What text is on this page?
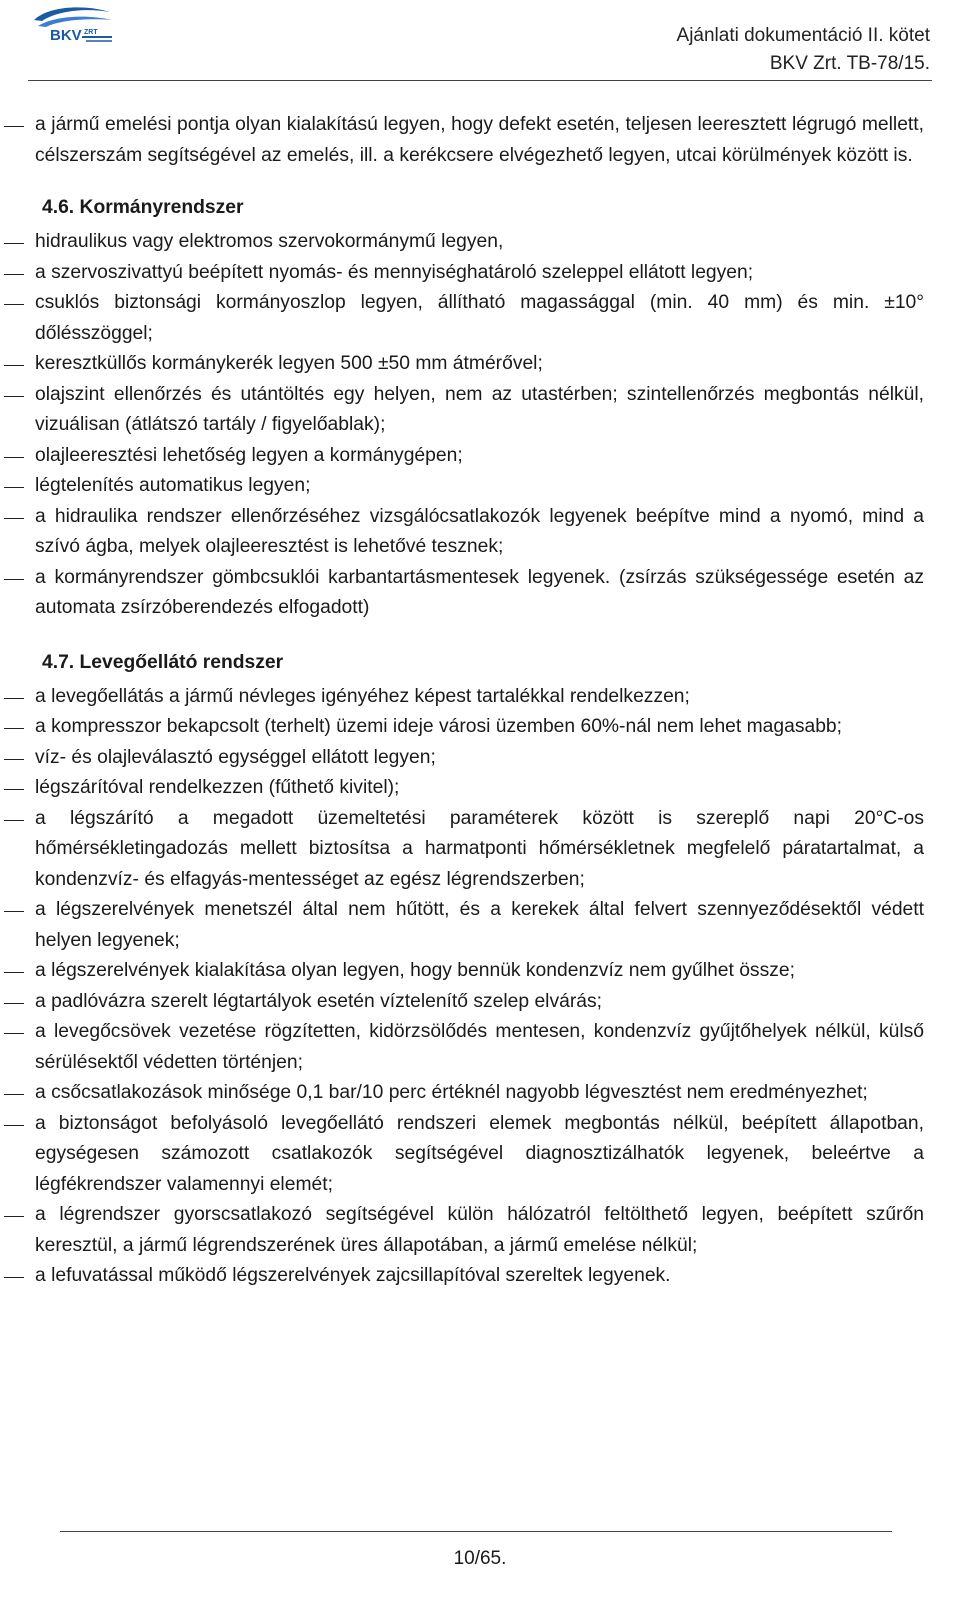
BKV ZRT	Ajánlati dokumentáció II. kötet
BKV Zrt. TB-78/15.
a jármű emelési pontja olyan kialakítású legyen, hogy defekt esetén, teljesen leeresztett légrugó mellett, célszerszám segítségével az emelés, ill. a kerékcsere elvégezhető legyen, utcai körülmények között is.
4.6. Kormányrendszer
hidraulikus vagy elektromos szervokormánymű legyen,
a szervoszivattyú beépített nyomás- és mennyiséghatároló szeleppel ellátott legyen;
csuklós biztonsági kormányoszlop legyen, állítható magassággal (min. 40 mm) és min. ±10° dőlésszöggel;
keresztküllős kormánykerék legyen 500 ±50 mm átmérővel;
olajszint ellenőrzés és utántöltés egy helyen, nem az utastérben; szintellenőrzés megbontás nélkül, vizuálisan (átlátszó tartály / figyelőablak);
olajleeresztési lehetőség legyen a kormánygépen;
légtelenítés automatikus legyen;
a hidraulika rendszer ellenőrzéséhez vizsgálócsatlakozók legyenek beépítve mind a nyomó, mind a szívó ágba, melyek olajleeresztést is lehetővé tesznek;
a kormányrendszer gömbcsuklói karbantartásmentesek legyenek. (zsírzás szükségessége esetén az automata zsírzóberendezés elfogadott)
4.7. Levegőellátó rendszer
a levegőellátás a jármű névleges igényéhez képest tartalékkal rendelkezzen;
a kompresszor bekapcsolt (terhelt) üzemi ideje városi üzemben 60%-nál nem lehet magasabb;
víz- és olajleválasztó egységgel ellátott legyen;
légszárítóval rendelkezzen (fűthető kivitel);
a légszárító a megadott üzemeltetési paraméterek között is szereplő napi 20°C-os hőmérsékletingadozás mellett biztosítsa a harmatponti hőmérsékletnek megfelelő páratartalmat, a kondenzvíz- és elfagyás-mentességet az egész légrendszerben;
a légszerelvények menetszél által nem hűtött, és a kerekek által felvert szennyeződésektől védett helyen legyenek;
a légszerelvények kialakítása olyan legyen, hogy bennük kondenzvíz nem gyűlhet össze;
a padlóvázra szerelt légtartályok esetén víztelenítő szelep elvárás;
a levegőcsövek vezetése rögzítetten, kidörzsölődés mentesen, kondenzvíz gyűjtőhelyek nélkül, külső sérülésektől védetten történjen;
a csőcsatlakozások minősége 0,1 bar/10 perc értéknél nagyobb légvesztést nem eredményezhet;
a biztonságot befolyásoló levegőellátó rendszeri elemek megbontás nélkül, beépített állapotban, egységesen számozott csatlakozók segítségével diagnosztizálhatók legyenek, beleértve a légfékrendszer valamennyi elemét;
a légrendszer gyorscsatlakozó segítségével külön hálózatról feltölthető legyen, beépített szűrőn keresztül, a jármű légrendszerének üres állapotában, a jármű emelése nélkül;
a lefuvatással működő légszerelvények zajcsillapítóval szereltek legyenek.
10/65.
